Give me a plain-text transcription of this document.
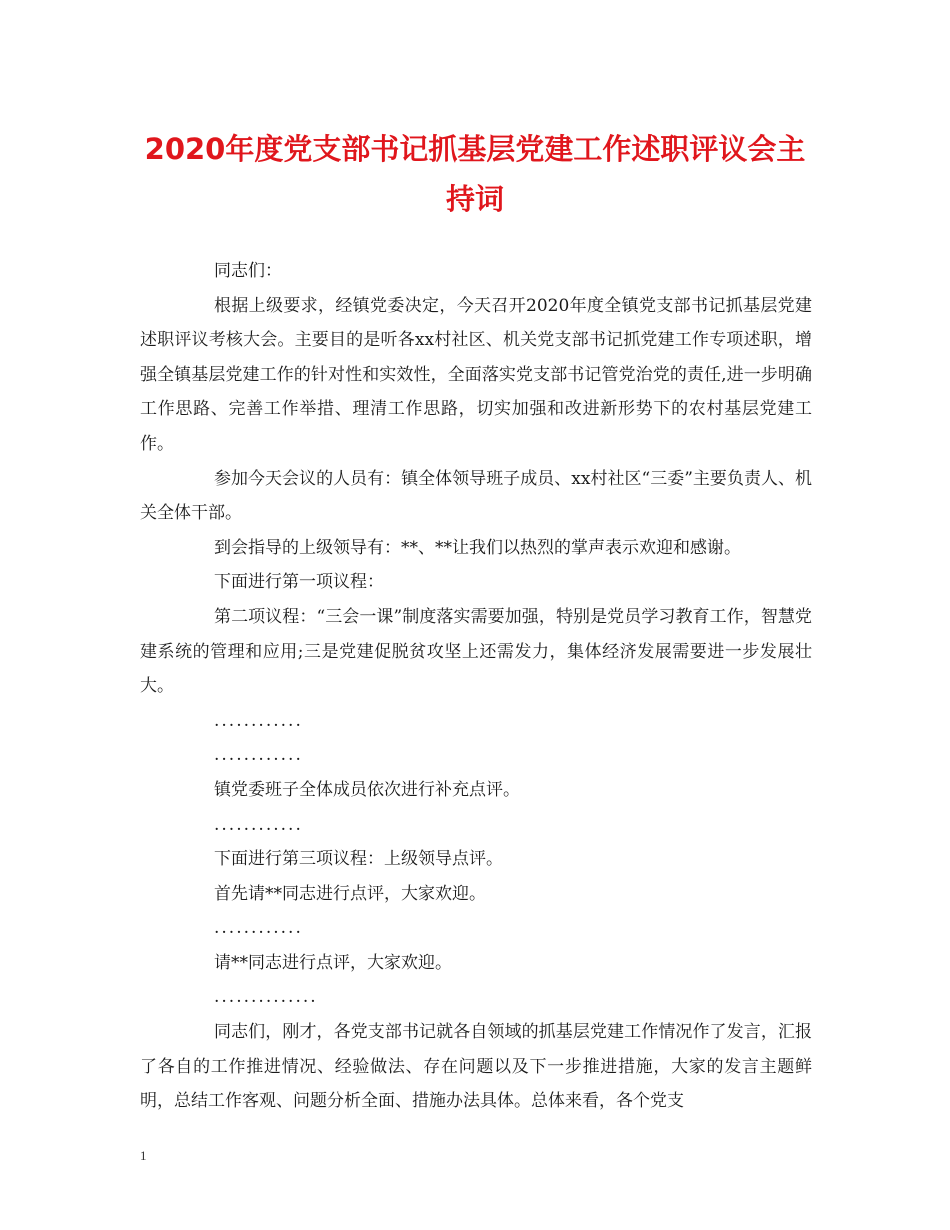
2020年度党支部书记抓基层党建工作述职评议会主持词

同志们：

根据上级要求，经镇党委决定，今天召开2020年度全镇党支部书记抓基层党建述职评议考核大会。主要目的是听各xx村社区、机关党支部书记抓党建工作专项述职，增强全镇基层党建工作的针对性和实效性，全面落实党支部书记管党治党的责任,进一步明确工作思路、完善工作举措、理清工作思路，切实加强和改进新形势下的农村基层党建工作。

参加今天会议的人员有：镇全体领导班子成员、xx村社区“三委”主要负责人、机关全体干部。

到会指导的上级领导有：**、**让我们以热烈的掌声表示欢迎和感谢。

下面进行第一项议程：

第二项议程：“三会一课”制度落实需要加强，特别是党员学习教育工作，智慧党建系统的管理和应用;三是党建促脱贫攻坚上还需发力，集体经济发展需要进一步发展壮大。

............

............

镇党委班子全体成员依次进行补充点评。

............

下面进行第三项议程：上级领导点评。

首先请**同志进行点评，大家欢迎。

............

请**同志进行点评，大家欢迎。

..............

同志们，刚才，各党支部书记就各自领域的抓基层党建工作情况作了发言，汇报了各自的工作推进情况、经验做法、存在问题以及下一步推进措施，大家的发言主题鲜明，总结工作客观、问题分析全面、措施办法具体。总体来看，各个党支

1
